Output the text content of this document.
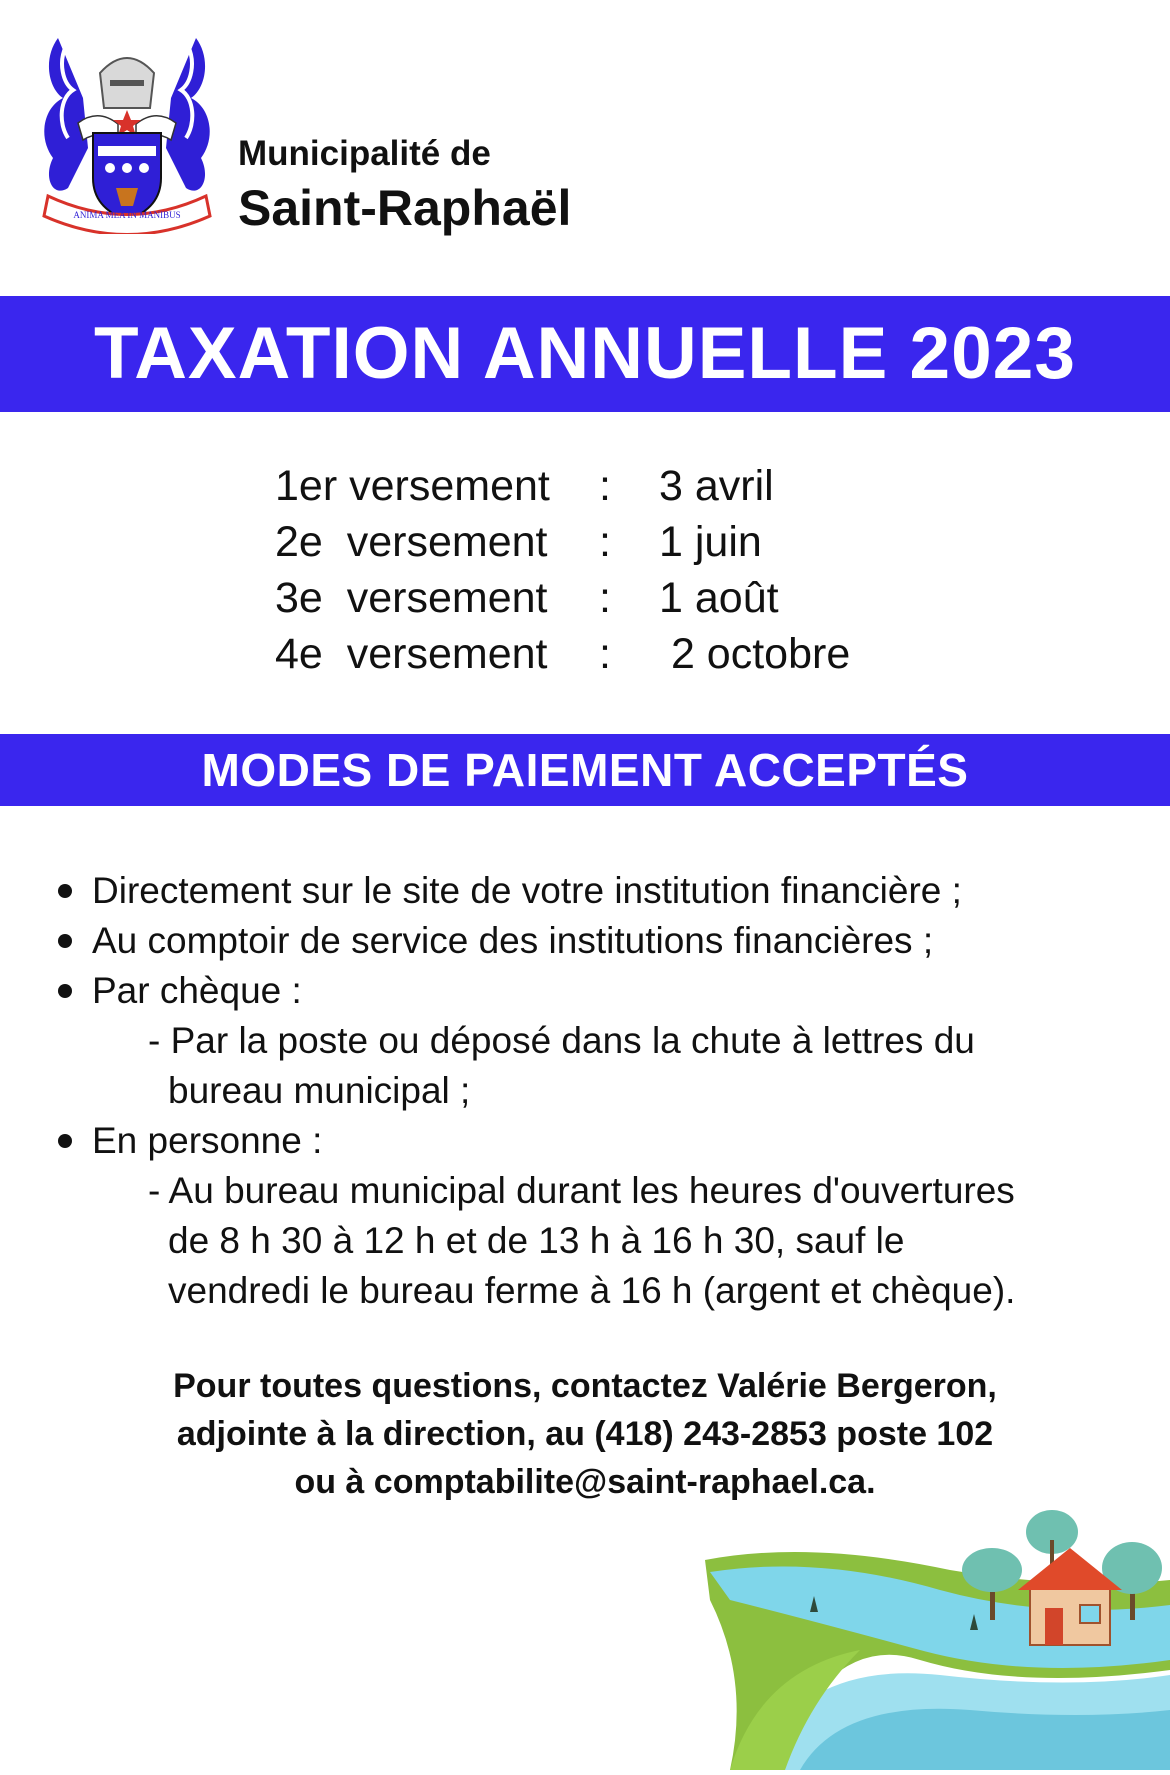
ANIMA MEA IN MANIBUS
Municipalité de
Saint-Raphaël
TAXATION ANNUELLE 2023
1er versement : 3 avril
2e  versement : 1 juin
3e  versement : 1 août
4e  versement : 2 octobre
MODES DE PAIEMENT ACCEPTÉS
Directement sur le site de votre institution financière ;
Au comptoir de service des institutions financières ;
Par chèque :
- Par la poste ou déposé dans la chute à lettres du
bureau municipal ;
En personne :
- Au bureau municipal durant les heures d'ouvertures
de 8 h 30 à 12 h et de 13 h à 16 h 30, sauf le
vendredi le bureau ferme à 16 h (argent et chèque).
Pour toutes questions, contactez Valérie Bergeron,
adjointe à la direction, au (418) 243-2853 poste 102
ou à comptabilite@saint-raphael.ca.
